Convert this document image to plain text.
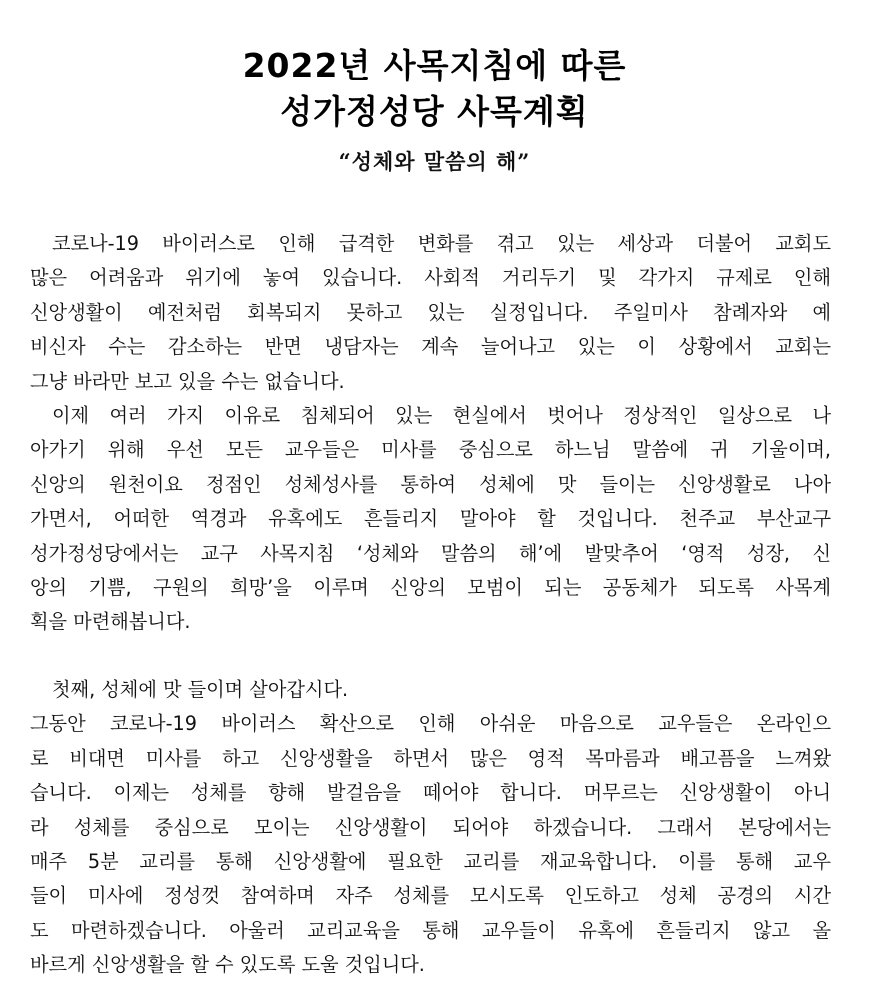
2022년 사목지침에 따른
성가정성당 사목계획
“성체와 말씀의 해”
코로나-19 바이러스로 인해 급격한 변화를 겪고 있는 세상과 더불어 교회도
많은 어려움과 위기에 놓여 있습니다. 사회적 거리두기 및 각가지 규제로 인해
신앙생활이 예전처럼 회복되지 못하고 있는 실정입니다. 주일미사 참례자와 예
비신자 수는 감소하는 반면 냉담자는 계속 늘어나고 있는 이 상황에서 교회는
그냥 바라만 보고 있을 수는 없습니다.
이제 여러 가지 이유로 침체되어 있는 현실에서 벗어나 정상적인 일상으로 나
아가기 위해 우선 모든 교우들은 미사를 중심으로 하느님 말씀에 귀 기울이며,
신앙의 원천이요 정점인 성체성사를 통하여 성체에 맛 들이는 신앙생활로 나아
가면서, 어떠한 역경과 유혹에도 흔들리지 말아야 할 것입니다. 천주교 부산교구
성가정성당에서는 교구 사목지침 ‘성체와 말씀의 해’에 발맞추어 ‘영적 성장, 신
앙의 기쁨, 구원의 희망’을 이루며 신앙의 모범이 되는 공동체가 되도록 사목계
획을 마련해봅니다.
첫째, 성체에 맛 들이며 살아갑시다.
그동안 코로나-19 바이러스 확산으로 인해 아쉬운 마음으로 교우들은 온라인으
로 비대면 미사를 하고 신앙생활을 하면서 많은 영적 목마름과 배고픔을 느껴왔
습니다. 이제는 성체를 향해 발걸음을 떼어야 합니다. 머무르는 신앙생활이 아니
라 성체를 중심으로 모이는 신앙생활이 되어야 하겠습니다. 그래서 본당에서는
매주 5분 교리를 통해 신앙생활에 필요한 교리를 재교육합니다. 이를 통해 교우
들이 미사에 정성껏 참여하며 자주 성체를 모시도록 인도하고 성체 공경의 시간
도 마련하겠습니다. 아울러 교리교육을 통해 교우들이 유혹에 흔들리지 않고 올
바르게 신앙생활을 할 수 있도록 도울 것입니다.
